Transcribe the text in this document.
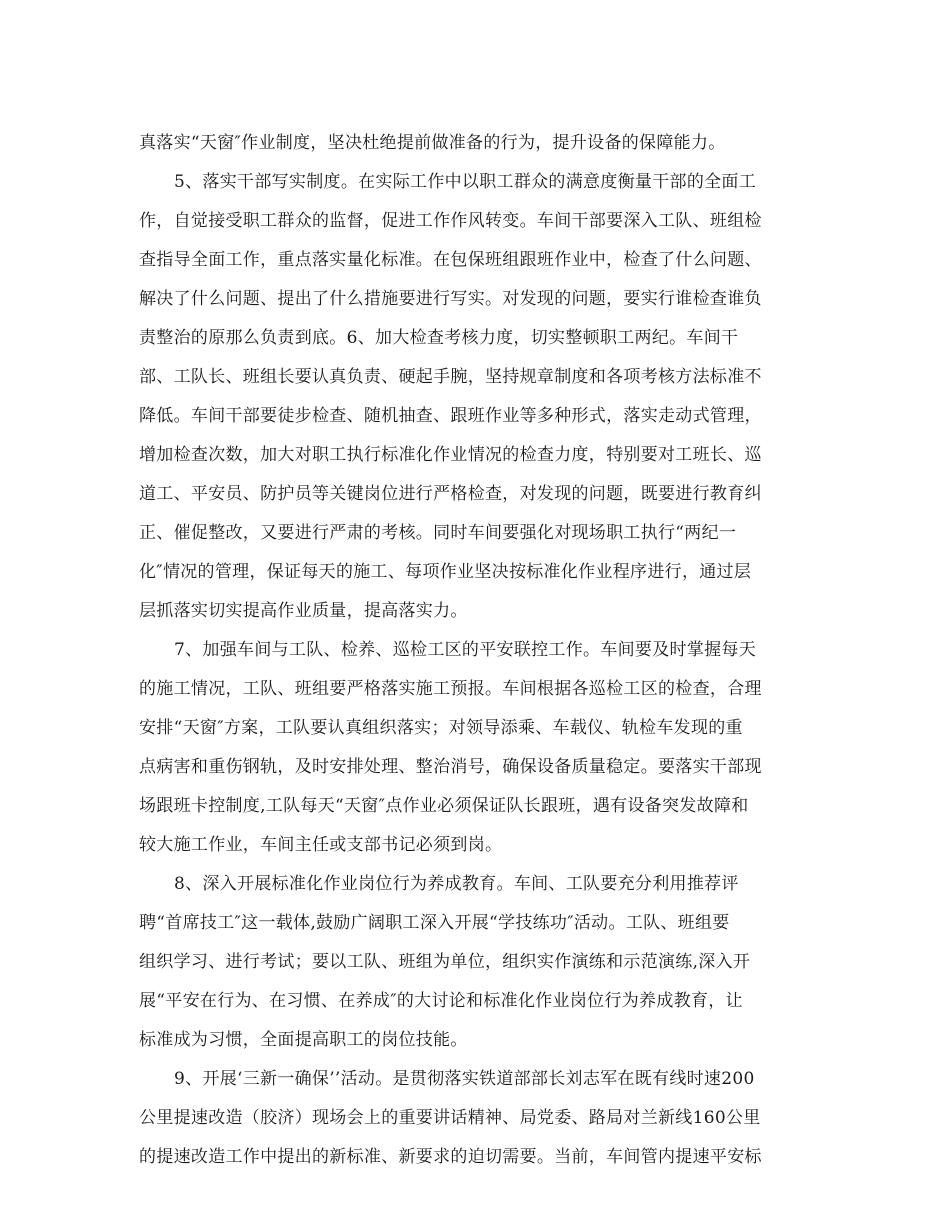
真落实“天窗″作业制度，坚决杜绝提前做准备的行为，提升设备的保障能力。
5、落实干部写实制度。在实际工作中以职工群众的满意度衡量干部的全面工
作，自觉接受职工群众的监督，促进工作作风转变。车间干部要深入工队、班组检
查指导全面工作，重点落实量化标准。在包保班组跟班作业中，检查了什么问题、
解决了什么问题、提出了什么措施要进行写实。对发现的问题，要实行谁检查谁负
责整治的原那么负责到底。6、加大检查考核力度，切实整顿职工两纪。车间干
部、工队长、班组长要认真负责、硬起手腕，坚持规章制度和各项考核方法标准不
降低。车间干部要徒步检查、随机抽查、跟班作业等多种形式，落实走动式管理，
增加检查次数，加大对职工执行标准化作业情况的检查力度，特别要对工班长、巡
道工、平安员、防护员等关键岗位进行严格检查，对发现的问题，既要进行教育纠
正、催促整改，又要进行严肃的考核。同时车间要强化对现场职工执行“两纪一
化″情况的管理，保证每天的施工、每项作业坚决按标准化作业程序进行，通过层
层抓落实切实提高作业质量，提高落实力。
7、加强车间与工队、检养、巡检工区的平安联控工作。车间要及时掌握每天
的施工情况，工队、班组要严格落实施工预报。车间根据各巡检工区的检查，合理
安排“天窗″方案，工队要认真组织落实；对领导添乘、车载仪、轨检车发现的重
点病害和重伤钢轨，及时安排处理、整治消号，确保设备质量稳定。要落实干部现
场跟班卡控制度,工队每天“天窗″点作业必须保证队长跟班，遇有设备突发故障和
较大施工作业，车间主任或支部书记必须到岗。
8、深入开展标准化作业岗位行为养成教育。车间、工队要充分利用推荐评
聘“首席技工″这一载体,鼓励广阔职工深入开展“学技练功″活动。工队、班组要
组织学习、进行考试；要以工队、班组为单位，组织实作演练和示范演练,深入开
展“平安在行为、在习惯、在养成″的大讨论和标准化作业岗位行为养成教育，让
标准成为习惯，全面提高职工的岗位技能。
9、开展‘三新一确保’’活动。是贯彻落实铁道部部长刘志军在既有线时速200
公里提速改造（胶济）现场会上的重要讲话精神、局党委、路局对兰新线160公里
的提速改造工作中提出的新标准、新要求的迫切需要。当前，车间管内提速平安标
